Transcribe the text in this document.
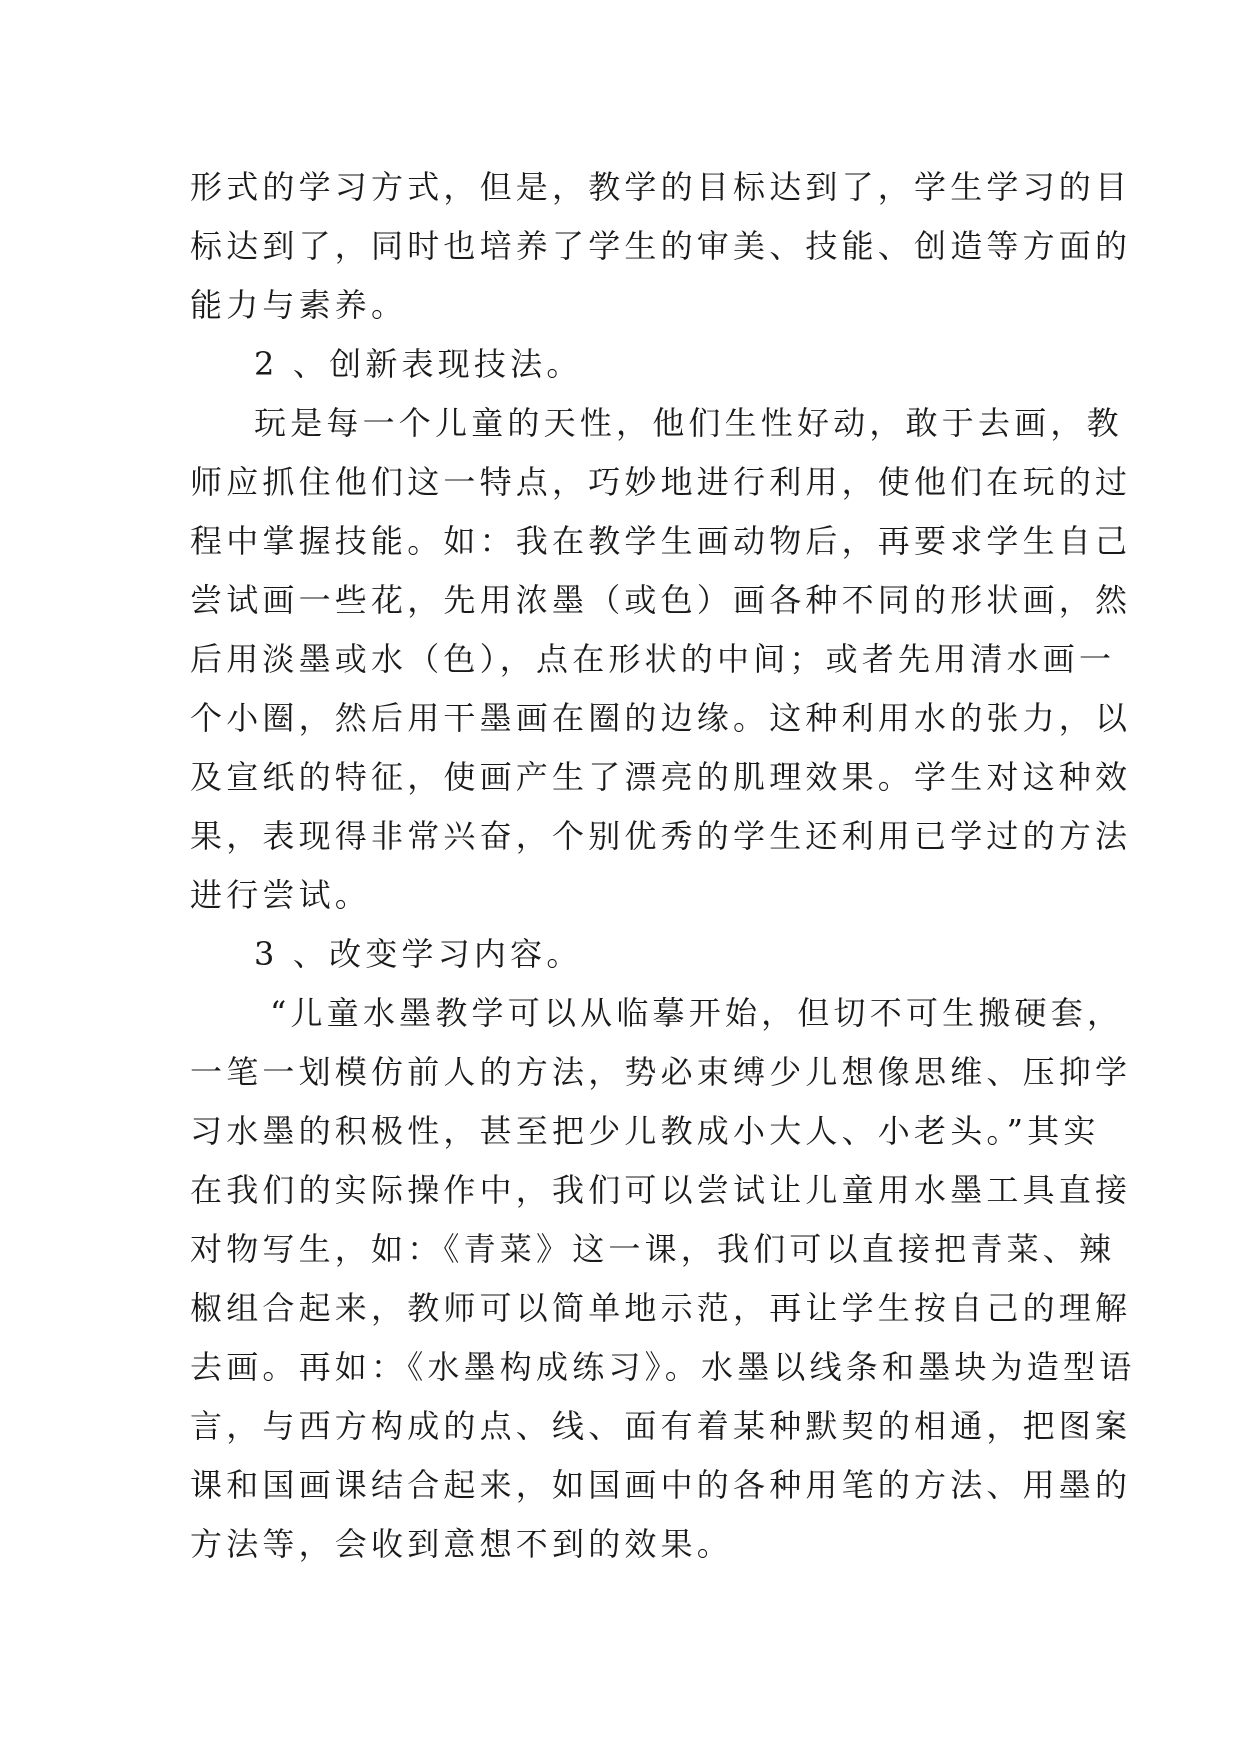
形式的学习方式，但是，教学的目标达到了，学生学习的目
标达到了，同时也培养了学生的审美、技能、创造等方面的
能力与素养。
2 、创新表现技法。
玩是每一个儿童的天性，他们生性好动，敢于去画，教
师应抓住他们这一特点，巧妙地进行利用，使他们在玩的过
程中掌握技能。如：我在教学生画动物后，再要求学生自己
尝试画一些花，先用浓墨（或色）画各种不同的形状画，然
后用淡墨或水（色），点在形状的中间；或者先用清水画一
个小圈，然后用干墨画在圈的边缘。这种利用水的张力，以
及宣纸的特征，使画产生了漂亮的肌理效果。学生对这种效
果，表现得非常兴奋，个别优秀的学生还利用已学过的方法
进行尝试。
3 、改变学习内容。
“儿童水墨教学可以从临摹开始，但切不可生搬硬套，
一笔一划模仿前人的方法，势必束缚少儿想像思维、压抑学
习水墨的积极性，甚至把少儿教成小大人、小老头。”其实
在我们的实际操作中，我们可以尝试让儿童用水墨工具直接
对物写生，如：《青菜》这一课，我们可以直接把青菜、辣
椒组合起来，教师可以简单地示范，再让学生按自己的理解
去画。再如：《水墨构成练习》。水墨以线条和墨块为造型语
言，与西方构成的点、线、面有着某种默契的相通，把图案
课和国画课结合起来，如国画中的各种用笔的方法、用墨的
方法等，会收到意想不到的效果。
